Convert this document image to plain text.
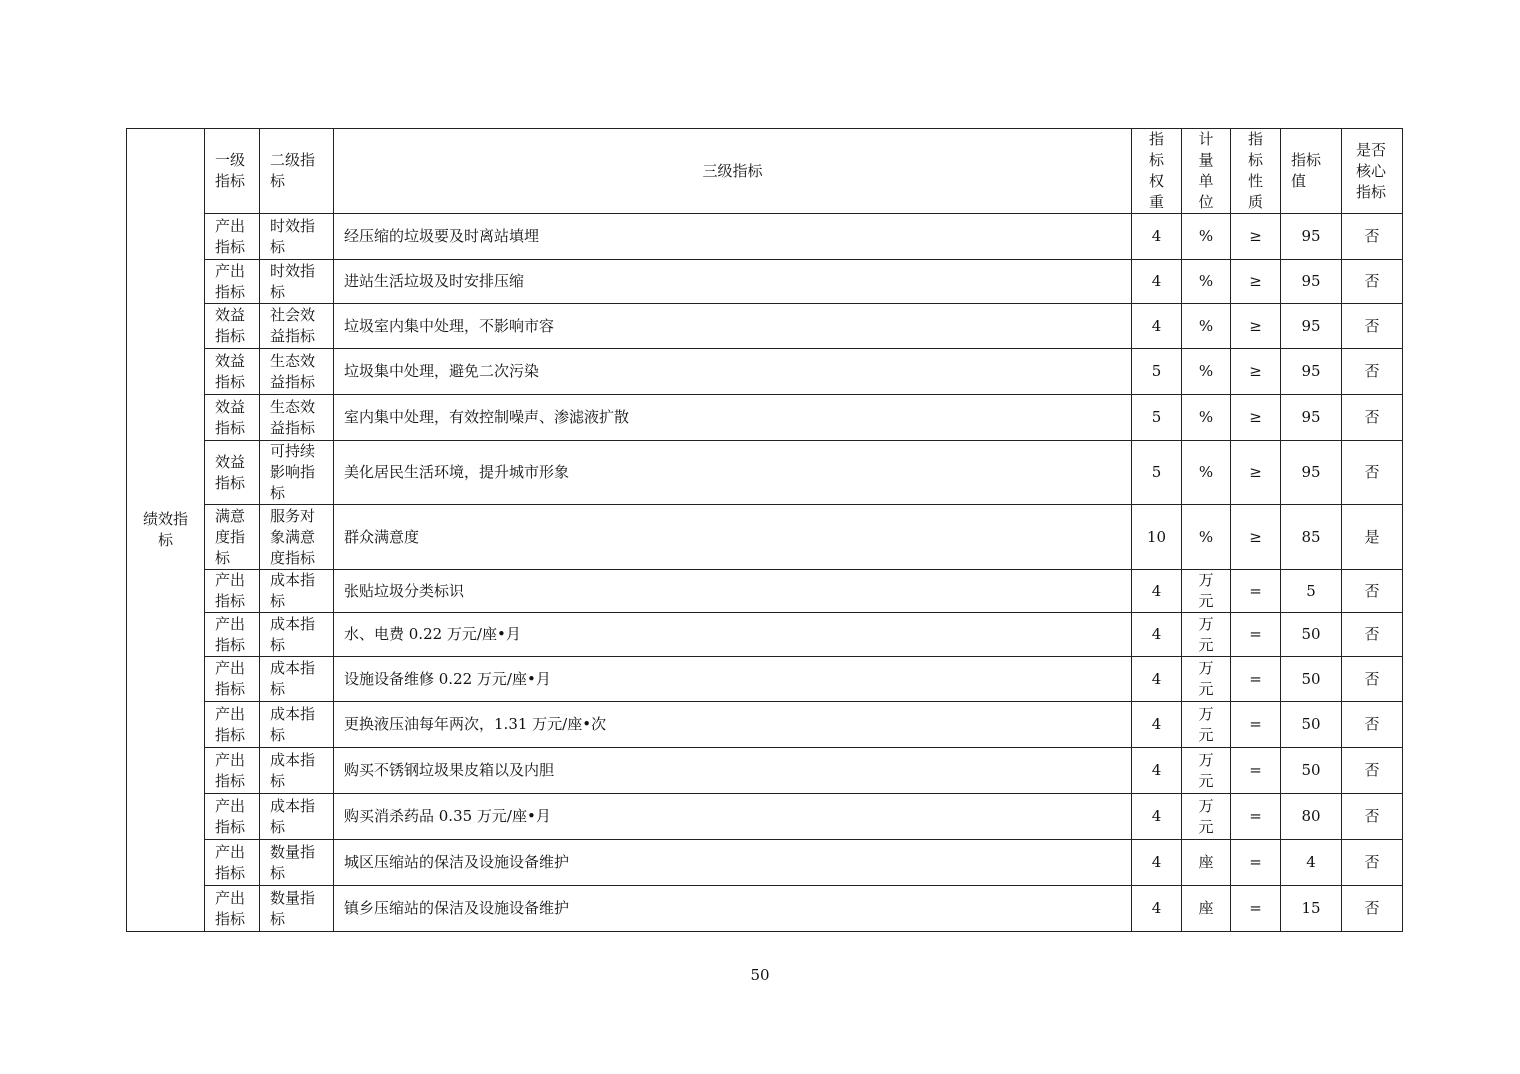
绩效指标	一级指标	二级指标	三级指标	指标权重	计量单位	指标性质	指标值	是否核心指标
	产出指标	时效指标	经压缩的垃圾要及时离站填埋	4	%	≥	95	否
	产出指标	时效指标	进站生活垃圾及时安排压缩	4	%	≥	95	否
	效益指标	社会效益指标	垃圾室内集中处理，不影响市容	4	%	≥	95	否
	效益指标	生态效益指标	垃圾集中处理，避免二次污染	5	%	≥	95	否
	效益指标	生态效益指标	室内集中处理，有效控制噪声、渗滤液扩散	5	%	≥	95	否
	效益指标	可持续影响指标	美化居民生活环境，提升城市形象	5	%	≥	95	否
	满意度指标	服务对象满意度指标	群众满意度	10	%	≥	85	是
	产出指标	成本指标	张贴垃圾分类标识	4	万元	=	5	否
	产出指标	成本指标	水、电费 0.22 万元/座•月	4	万元	=	50	否
	产出指标	成本指标	设施设备维修 0.22 万元/座•月	4	万元	=	50	否
	产出指标	成本指标	更换液压油每年两次，1.31 万元/座•次	4	万元	=	50	否
	产出指标	成本指标	购买不锈钢垃圾果皮箱以及内胆	4	万元	=	50	否
	产出指标	成本指标	购买消杀药品 0.35 万元/座•月	4	万元	=	80	否
	产出指标	数量指标	城区压缩站的保洁及设施设备维护	4	座	=	4	否
	产出指标	数量指标	镇乡压缩站的保洁及设施设备维护	4	座	=	15	否
50
